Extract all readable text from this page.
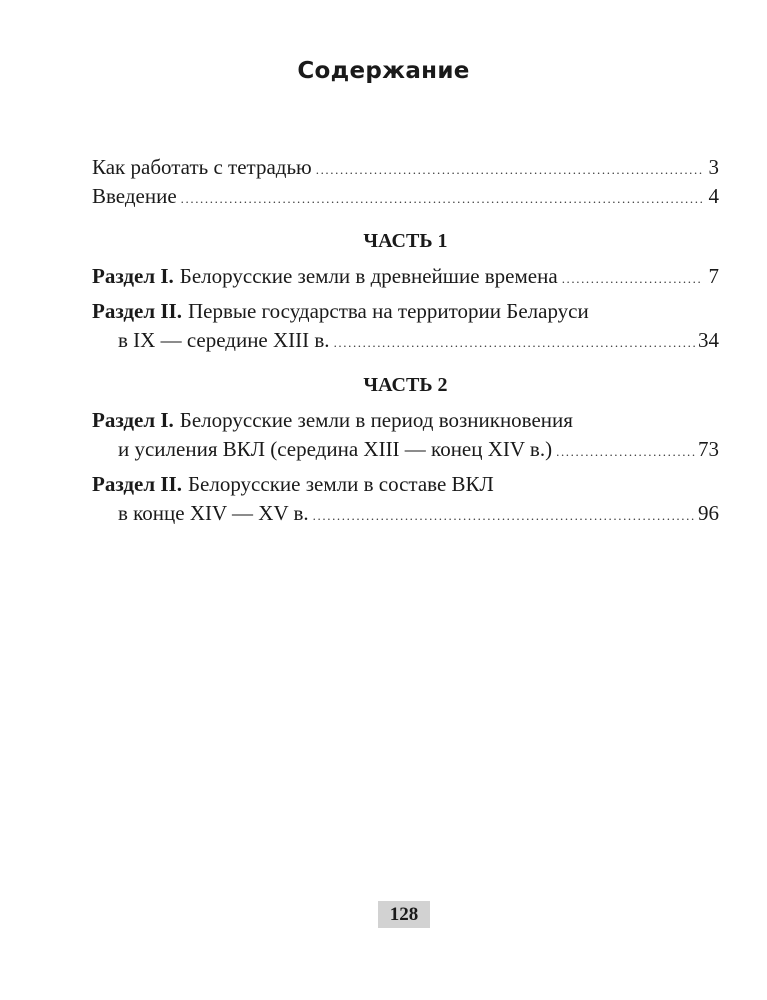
Содержание
Как работать с тетрадью .....	3
Введение .....	4
ЧАСТЬ 1
Раздел I. Белорусские земли в древнейшие времена .....	7
Раздел II. Первые государства на территории Беларуси
в IX — середине XIII в. .....	34
ЧАСТЬ 2
Раздел I. Белорусские земли в период возникновения
и усиления ВКЛ (середина XIII — конец XIV в.) .....	73
Раздел II. Белорусские земли в составе ВКЛ
в конце XIV — XV в. .....	96
128
